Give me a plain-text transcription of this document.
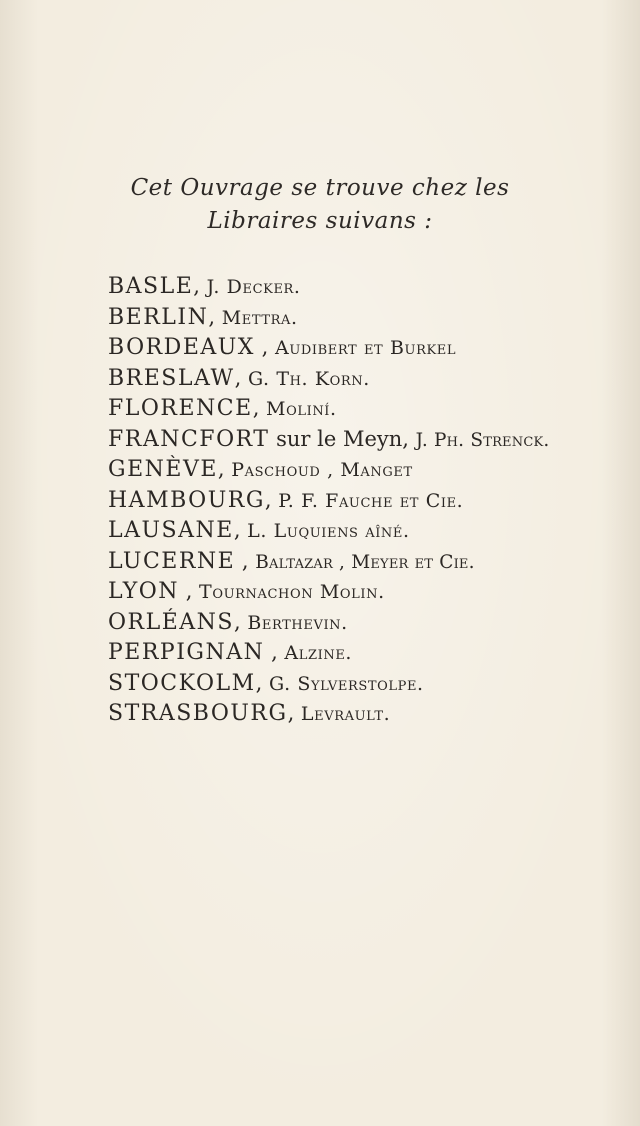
Cet Ouvrage se trouve chez les
Libraires suivans :
BASLE, J. Decker.
BERLIN, Mettra.
BORDEAUX , Audibert et Burkel
BRESLAW, G. Th. Korn.
FLORENCE, Moliní.
FRANCFORT sur le Meyn, J. Ph. Strenck.
GENÈVE, Paschoud , Manget
HAMBOURG, P. F. Fauche et Cie.
LAUSANE, L. Luquiens aîné.
LUCERNE , Baltazar , Meyer et Cie.
LYON , Tournachon Molin.
ORLÉANS, Berthevin.
PERPIGNAN , Alzine.
STOCKOLM, G. Sylverstolpe.
STRASBOURG, Levrault.
